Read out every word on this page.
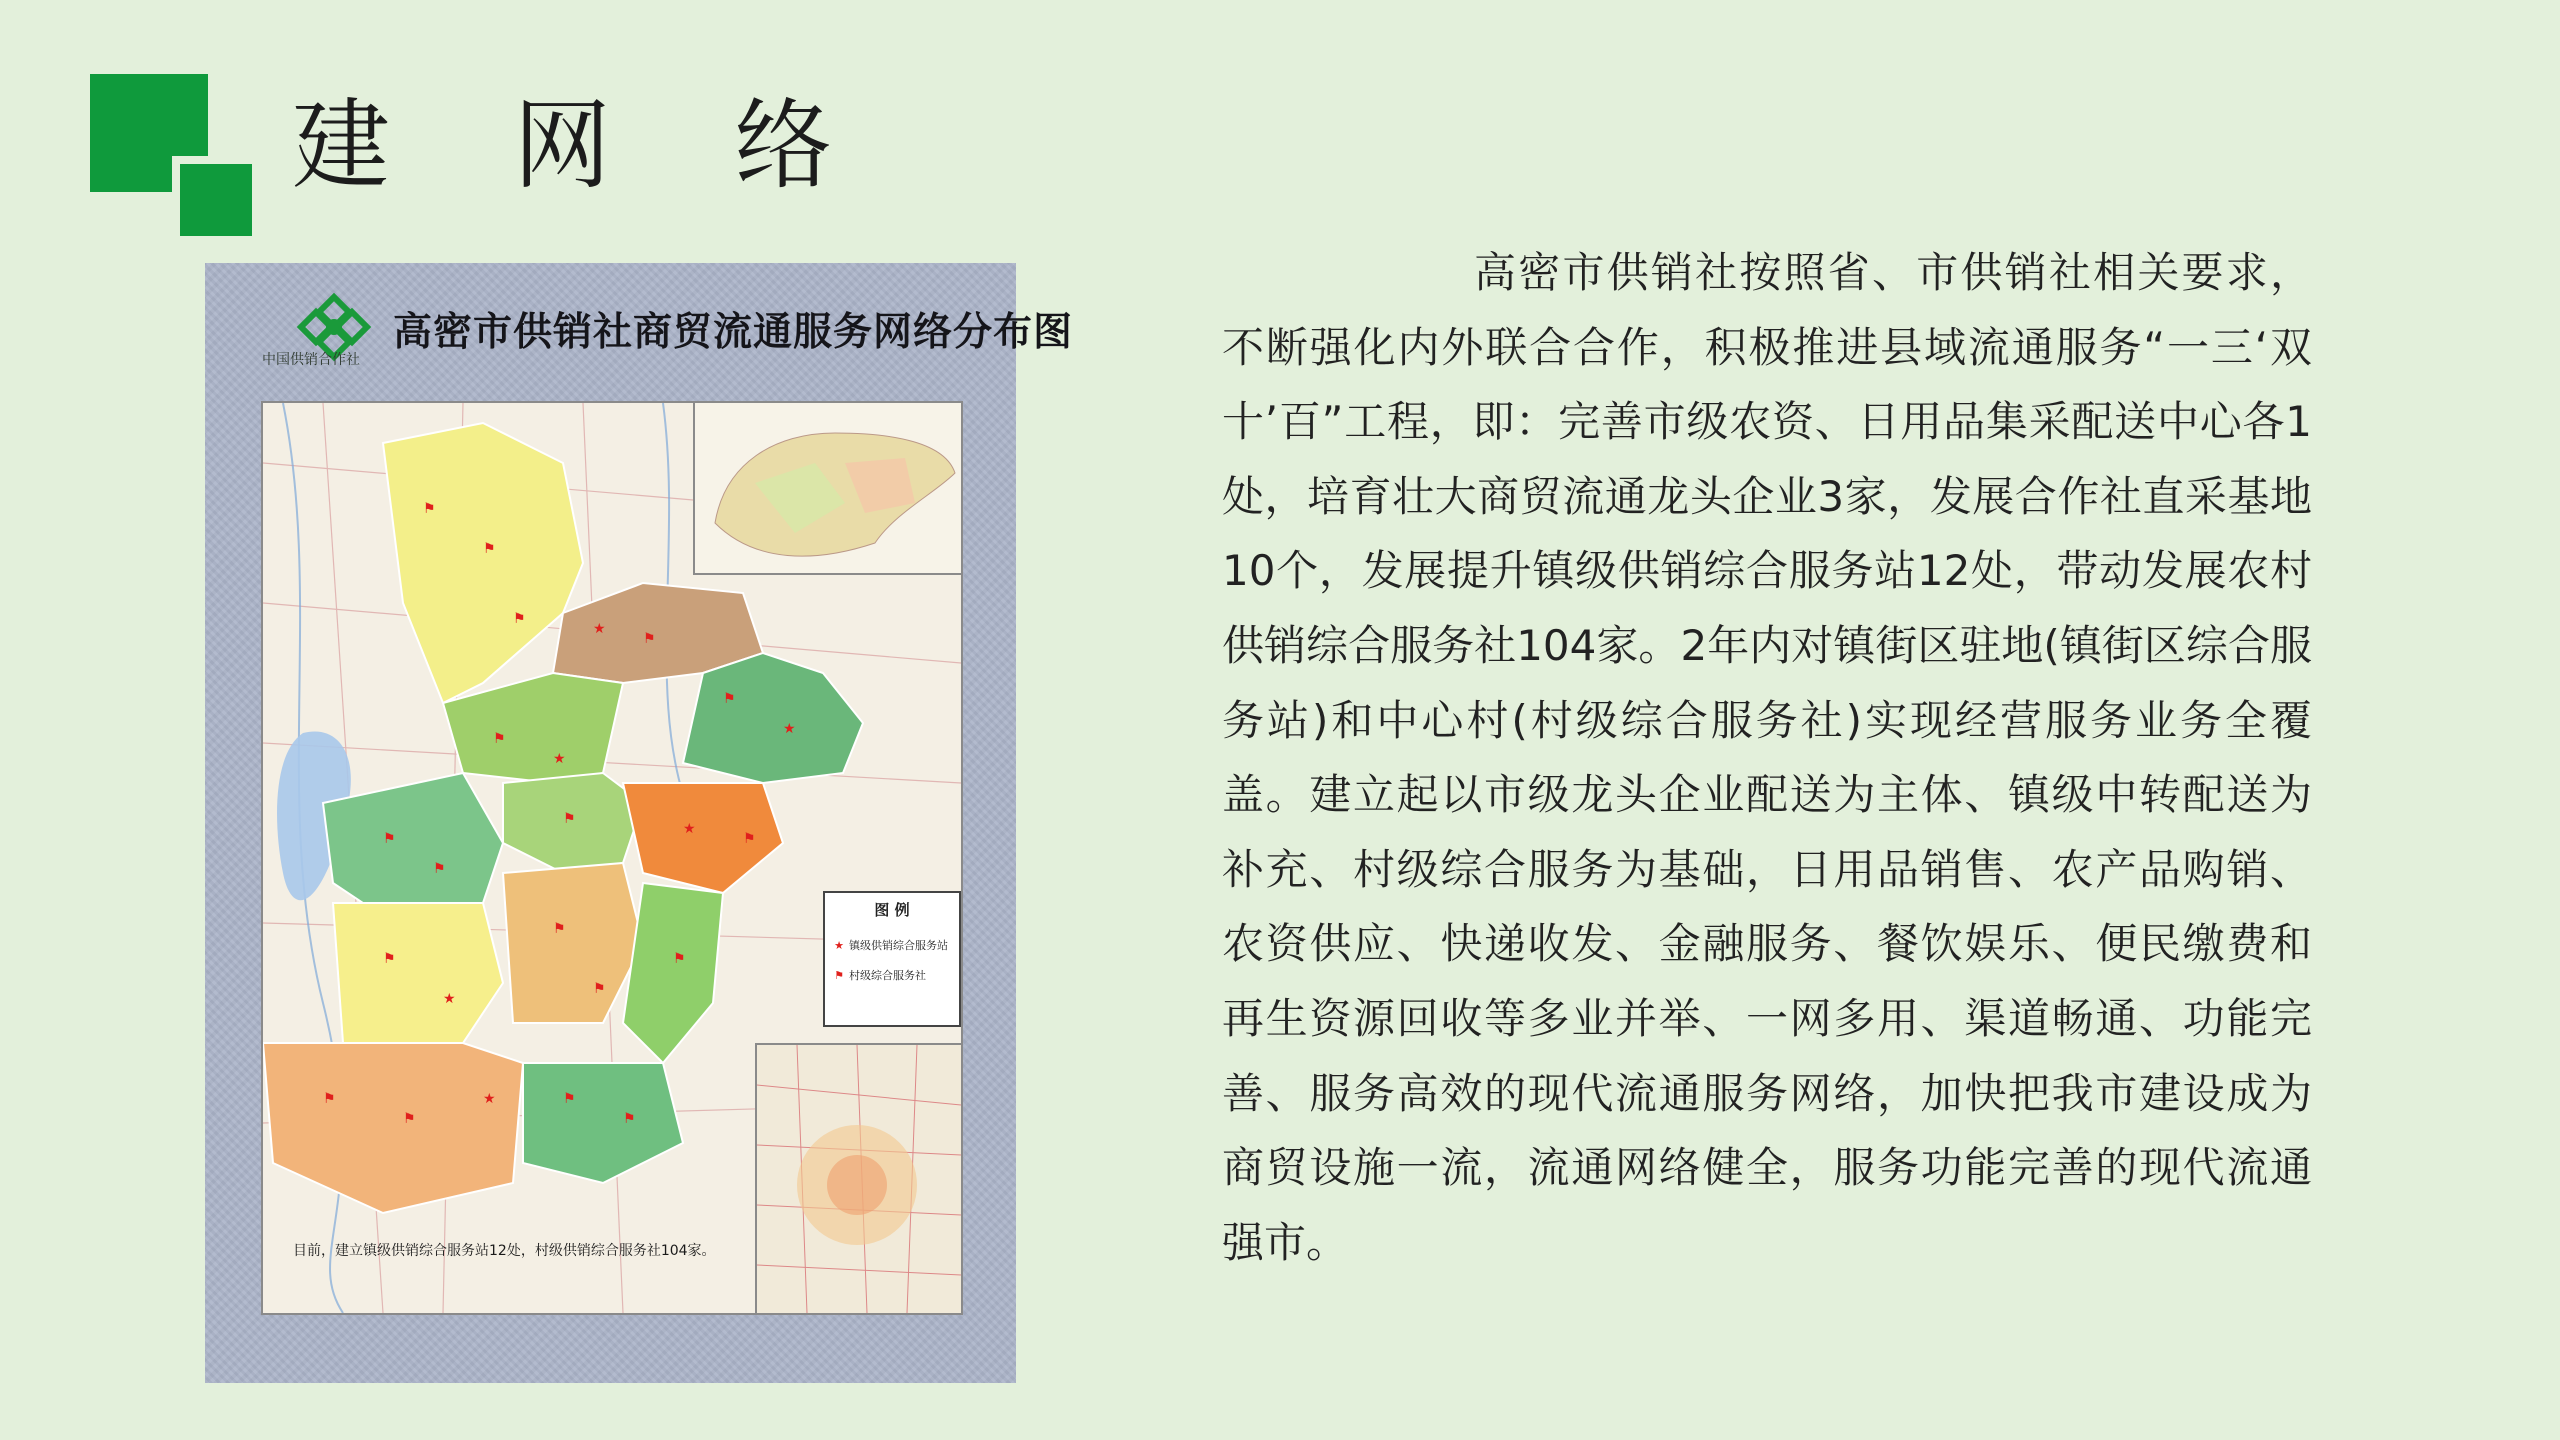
建 网 络
中国供销合作社
高密市供销社商贸流通服务网络分布图
⚑
⚑
⚑
★
⚑
⚑
★
⚑
★
⚑
⚑
⚑
★
⚑
⚑
★
⚑
⚑
⚑
⚑
⚑
★	⚑
⚑
图 例
★ 镇级供销综合服务站
⚑ 村级综合服务社
目前，建立镇级供销综合服务站12处，村级供销综合服务社104家。

高密市供销社按照省、市供销社相关要求，不断强化内外联合合作，积极推进县域流通服务“一三‘双十’百”工程，即：完善市级农资、日用品集采配送中心各1处，培育壮大商贸流通龙头企业3家，发展合作社直采基地10个，发展提升镇级供销综合服务站12处，带动发展农村供销综合服务社104家。2年内对镇街区驻地(镇街区综合服务站)和中心村(村级综合服务社)实现经营服务业务全覆盖。建立起以市级龙头企业配送为主体、镇级中转配送为补充、村级综合服务为基础，日用品销售、农产品购销、农资供应、快递收发、金融服务、餐饮娱乐、便民缴费和再生资源回收等多业并举、一网多用、渠道畅通、功能完善、服务高效的现代流通服务网络，加快把我市建设成为商贸设施一流，流通网络健全，服务功能完善的现代流通强市。
